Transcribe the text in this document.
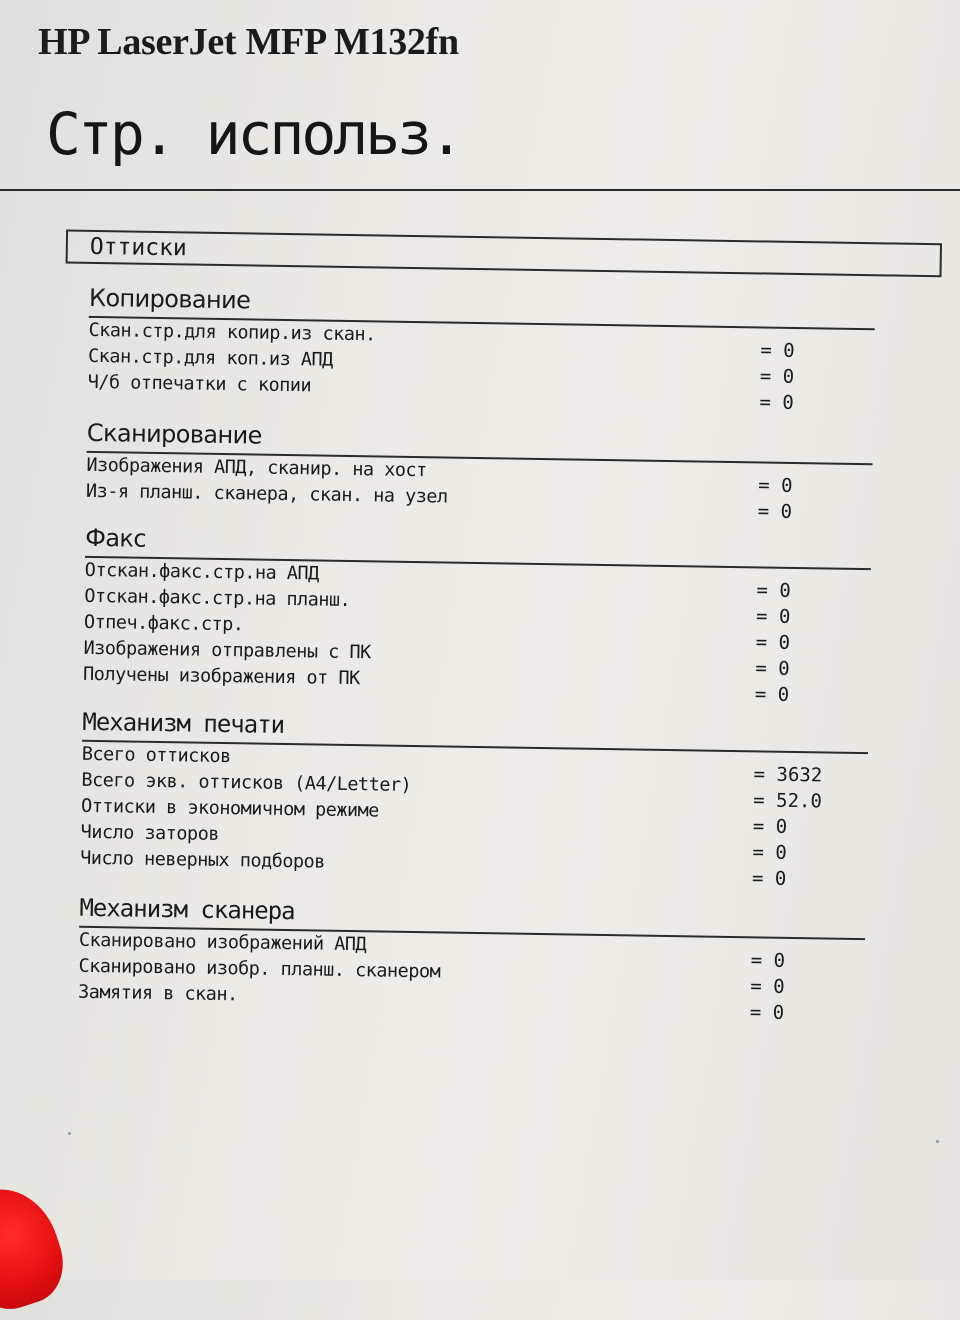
HP LaserJet MFP M132fn
Стр. использ.
Оттиски
Копирование
Скан.стр.для копир.из скан.
Скан.стр.для коп.из АПД
Ч/б отпечатки с копии
= 0
= 0
= 0
Сканирование
Изображения АПД, сканир. на хост
Из-я планш. сканера, скан. на узел	= 0
= 0
Факс
Отскан.факс.стр.на АПД
Отскан.факс.стр.на планш.
Отпеч.факс.стр.
Изображения отправлены с ПК
Получены изображения от ПК
= 0
= 0
= 0
= 0
= 0
Механизм печати
Всего оттисков
Всего экв. оттисков (A4/Letter)
Оттиски в экономичном режиме
Число заторов
Число неверных подборов
= 3632
= 52.0
= 0
= 0
= 0
Механизм сканера
Сканировано изображений АПД
Сканировано изобр. планш. сканером
Замятия в скан.
= 0
= 0
= 0
